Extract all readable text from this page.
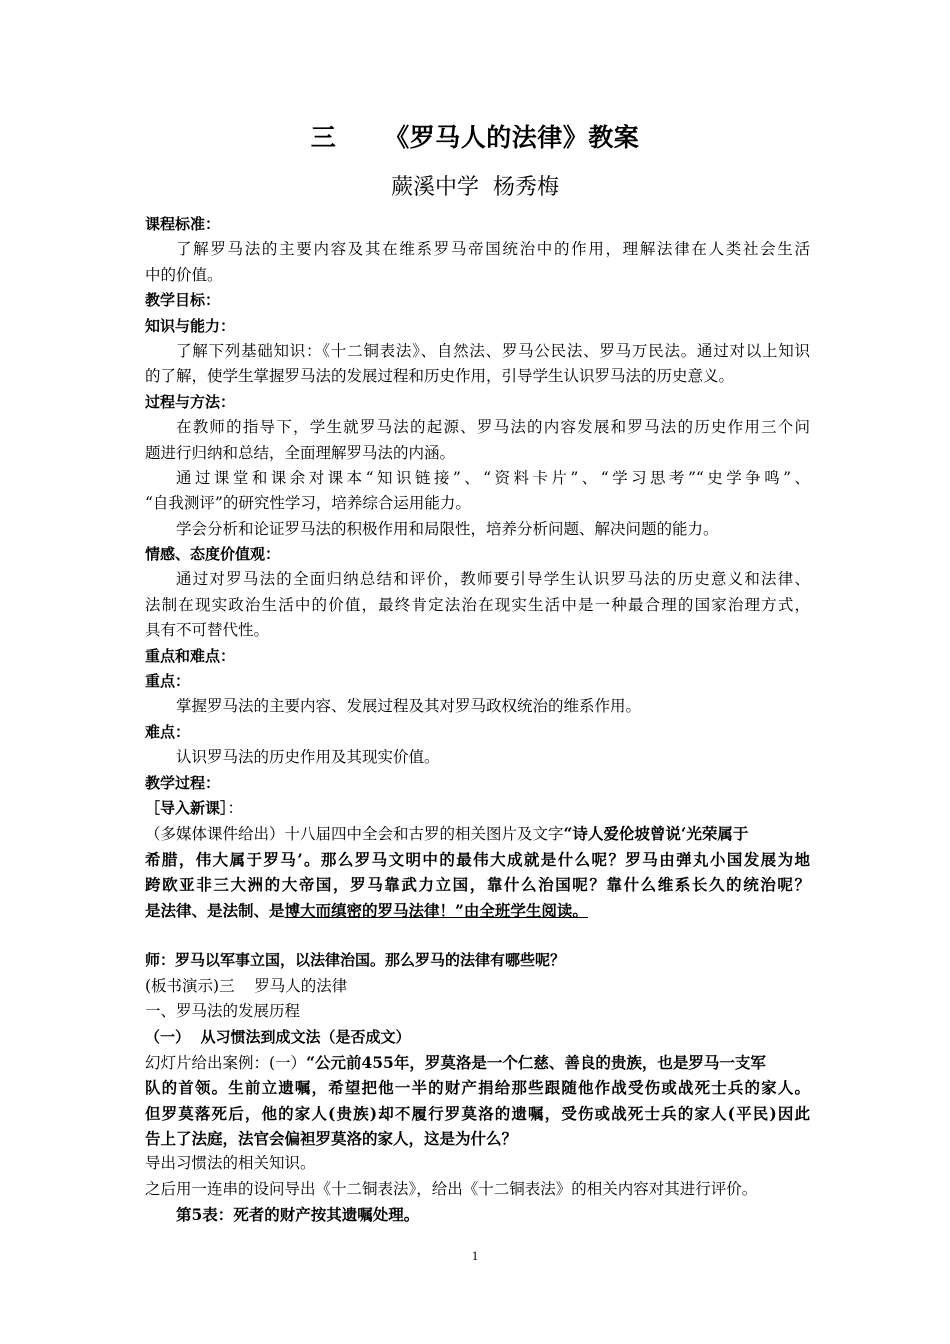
三 《罗马人的法律》教案
蕨溪中学  杨秀梅
课程标准：
了解罗马法的主要内容及其在维系罗马帝国统治中的作用，理解法律在人类社会生活
中的价值。
教学目标：
知识与能力：
了解下列基础知识：《十二铜表法》、自然法、罗马公民法、罗马万民法。通过对以上知识
的了解，使学生掌握罗马法的发展过程和历史作用，引导学生认识罗马法的历史意义。
过程与方法：
在教师的指导下，学生就罗马法的起源、罗马法的内容发展和罗马法的历史作用三个问
题进行归纳和总结，全面理解罗马法的内涵。
通过课堂和课余对课本“知识链接”、“资料卡片”、“学习思考”“史学争鸣”、
“自我测评”的研究性学习，培养综合运用能力。
学会分析和论证罗马法的积极作用和局限性，培养分析问题、解决问题的能力。
情感、态度价值观：
通过对罗马法的全面归纳总结和评价，教师要引导学生认识罗马法的历史意义和法律、
法制在现实政治生活中的价值，最终肯定法治在现实生活中是一种最合理的国家治理方式，
具有不可替代性。
重点和难点：
重点：
掌握罗马法的主要内容、发展过程及其对罗马政权统治的维系作用。
难点：
认识罗马法的历史作用及其现实价值。
教学过程：
［导入新课］：
（多媒体课件给出）十八届四中全会和古罗的相关图片及文字“诗人爱伦坡曾说‘光荣属于
希腊，伟大属于罗马’。那么罗马文明中的最伟大成就是什么呢？罗马由弹丸小国发展为地
跨欧亚非三大洲的大帝国，罗马靠武力立国，靠什么治国呢？靠什么维系长久的统治呢？
是法律、是法制、是博大而缜密的罗马法律！”由全班学生阅读。
师：罗马以军事立国，以法律治国。那么罗马的法律有哪些呢？
(板书演示)三    罗马人的法律
一、罗马法的发展历程
（一）  从习惯法到成文法（是否成文）
幻灯片给出案例：(一）“公元前455年，罗莫洛是一个仁慈、善良的贵族，也是罗马一支军
队的首领。生前立遗嘱，希望把他一半的财产捐给那些跟随他作战受伤或战死士兵的家人。
但罗莫落死后，他的家人(贵族)却不履行罗莫洛的遗嘱，受伤或战死士兵的家人(平民)因此
告上了法庭，法官会偏袒罗莫洛的家人，这是为什么？
导出习惯法的相关知识。
之后用一连串的设问导出《十二铜表法》，给出《十二铜表法》的相关内容对其进行评价。
第5表：死者的财产按其遗嘱处理。
1
